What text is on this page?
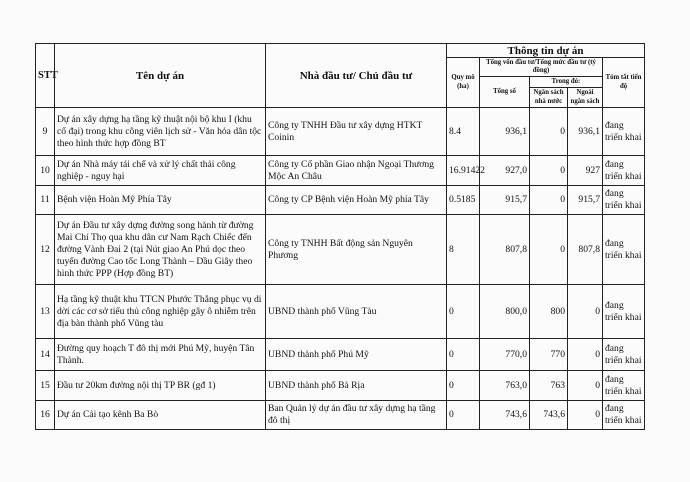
STT	Tên dự án	Nhà đầu tư/ Chủ đầu tư	Thông tin dự án				
			Quy mô (ha)	Tổng vốn đầu tư/Tổng mức đầu tư (tỷ đồng)			Tóm tắt tiến độ
				Tổng số	Trong đó:		
					Ngân sách nhà nước	Ngoài ngân sách	
9	Dự án xây dựng hạ tầng kỹ thuật nội bộ khu I (khu cổ đại) trong khu công viên lịch sử - Văn hóa dân tộc theo hình thức hợp đồng BT	Công ty TNHH Đầu tư xây dựng HTKT Coinin	8.4	936,1	0	936,1	đang triển khai
10	Dự án Nhà máy tái chế và xử lý chất thải công nghiệp - nguy hại	Công ty Cổ phần Giao nhận Ngoại Thương Mộc An Châu	16.91422	927,0	0	927	đang triển khai
11	Bệnh viện Hoàn Mỹ Phía Tây	Công ty CP Bệnh viện Hoàn Mỹ phía Tây	0.5185	915,7	0	915,7	đang triển khai
12	Dự án Đầu tư xây dựng đường song hành từ đường Mai Chí Thọ qua khu dân cư Nam Rạch Chiếc đến đường Vành Đai 2 (tại Nút giao An Phú dọc theo tuyến đường Cao tốc Long Thành – Dầu Giây theo hình thức PPP (Hợp đồng BT)	Công ty TNHH Bất động sản Nguyên Phương	8	807,8	0	807,8	đang triển khai
13	Hạ tầng kỹ thuật khu TTCN Phước Thắng phục vụ di dời các cơ sở tiểu thủ công nghiệp gây ô nhiễm trên địa bàn thành phố Vũng tàu	UBND thành phố Vũng Tàu	0	800,0	800	0	đang triển khai
14	Đường quy hoạch T đô thị mới Phú Mỹ, huyện Tân Thành.	UBND thành phố Phú Mỹ	0	770,0	770	0	đang triển khai
15	Đầu tư 20km đường nội thị TP BR (gđ 1)	UBND thành phố Bà Rịa	0	763,0	763	0	đang triển khai
16	Dự án Cải tạo kênh Ba Bò	Ban Quản lý dự án đầu tư xây dựng hạ tầng đô thị	0	743,6	743,6	0	đang triển khai
